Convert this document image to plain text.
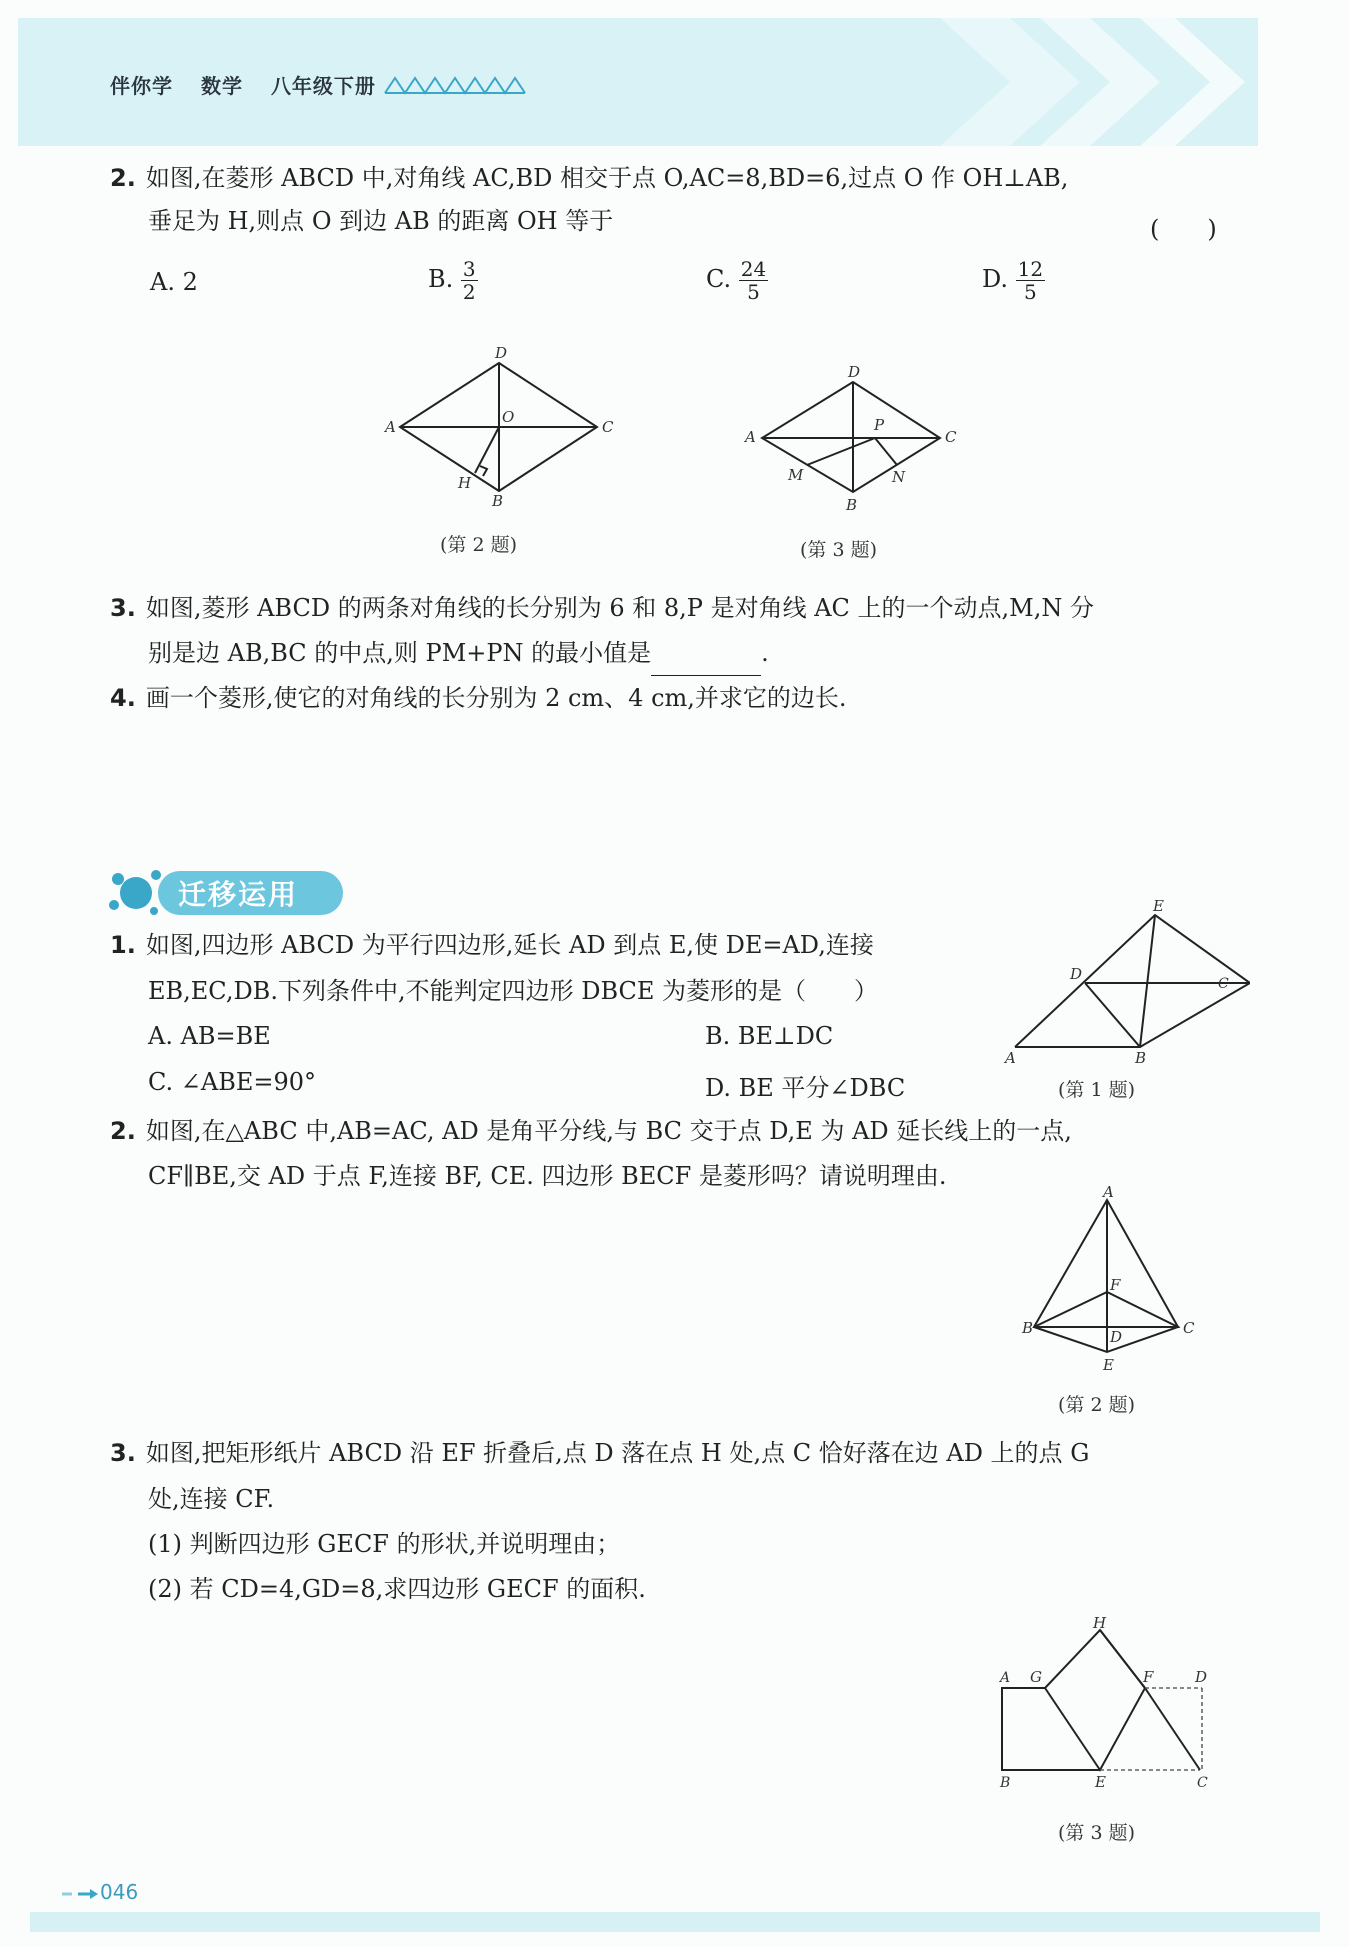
伴你学 数学 八年级下册
2. 如图,在菱形 ABCD 中,对角线 AC,BD 相交于点 O,AC=8,BD=6,过点 O 作 OH⊥AB,
垂足为 H,则点 O 到边 AB 的距离 OH 等于	(　　)
A. 2	B. $\frac{3}{2}$	C. $\frac{24}{5}$	D. $\frac{12}{5}$
D
A	C
O
H
B
(第 2 题)
D
A	C
P
M	N
B
(第 3 题)
3. 如图,菱形 ABCD 的两条对角线的长分别为 6 和 8,P 是对角线 AC 上的一个动点,M,N 分
别是边 AB,BC 的中点,则 PM+PN 的最小值是	.
4. 画一个菱形,使它的对角线的长分别为 2 cm、4 cm,并求它的边长.
迁移运用
1. 如图,四边形 ABCD 为平行四边形,延长 AD 到点 E,使 DE=AD,连接
EB,EC,DB.下列条件中,不能判定四边形 DBCE 为菱形的是（　　）
A. AB=BE	B. BE⊥DC
C. ∠ABE=90°	D. BE 平分∠DBC
E
D
C
A	B
(第 1 题)
2. 如图,在△ABC 中,AB=AC, AD 是角平分线,与 BC 交于点 D,E 为 AD 延长线上的一点,
CF∥BE,交 AD 于点 F,连接 BF, CE. 四边形 BECF 是菱形吗？请说明理由.
A
F
B	C
D
E
(第 2 题)
3. 如图,把矩形纸片 ABCD 沿 EF 折叠后,点 D 落在点 H 处,点 C 恰好落在边 AD 上的点 G
处,连接 CF.
(1) 判断四边形 GECF 的形状,并说明理由；
(2) 若 CD=4,GD=8,求四边形 GECF 的面积.
H
A G	F	D
B	E	C
(第 3 题)
046
